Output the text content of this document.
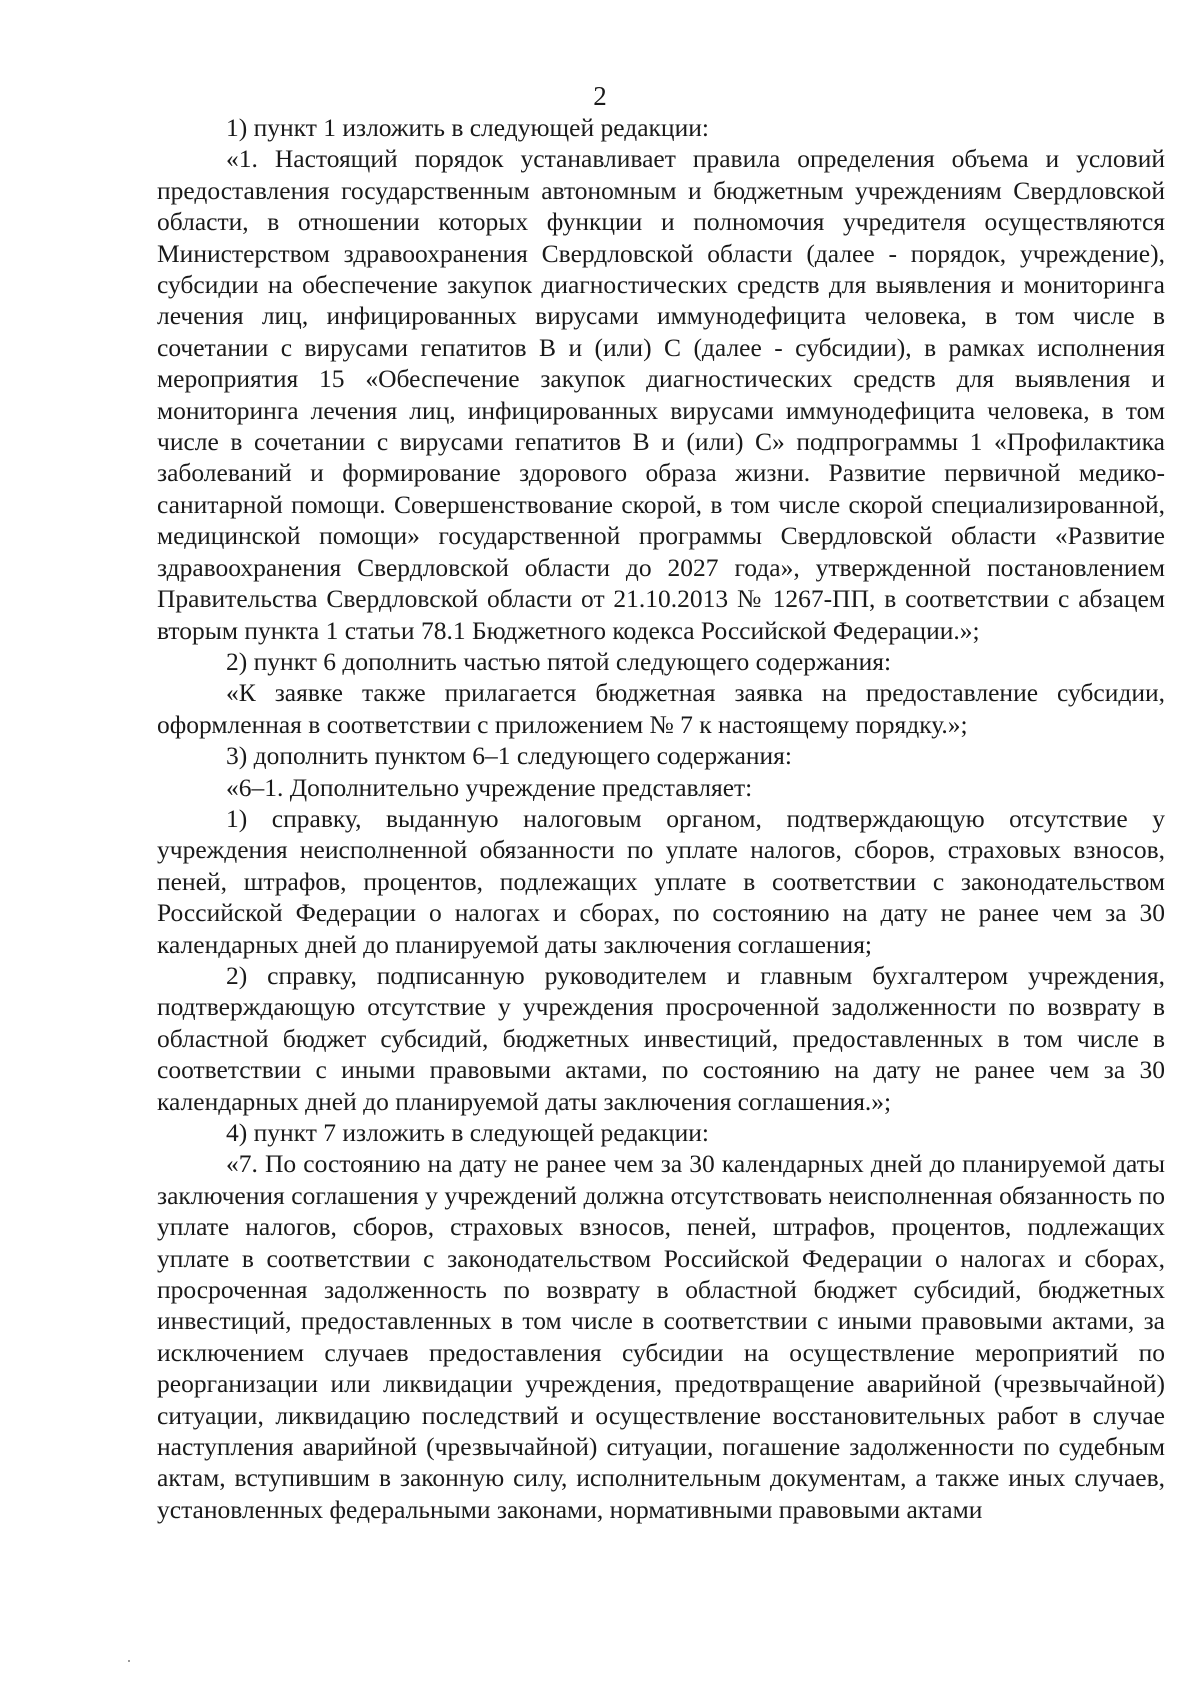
2

1) пункт 1 изложить в следующей редакции:

«1. Настоящий порядок устанавливает правила определения объема и условий предоставления государственным автономным и бюджетным учреждениям Свердловской области, в отношении которых функции и полномочия учредителя осуществляются Министерством здравоохранения Свердловской области (далее - порядок, учреждение), субсидии на обеспечение закупок диагностических средств для выявления и мониторинга лечения лиц, инфицированных вирусами иммунодефицита человека, в том числе в сочетании с вирусами гепатитов B и (или) C (далее - субсидии), в рамках исполнения мероприятия 15 «Обеспечение закупок диагностических средств для выявления и мониторинга лечения лиц, инфицированных вирусами иммунодефицита человека, в том числе в сочетании с вирусами гепатитов B и (или) C» подпрограммы 1 «Профилактика заболеваний и формирование здорового образа жизни. Развитие первичной медико-санитарной помощи. Совершенствование скорой, в том числе скорой специализированной, медицинской помощи» государственной программы Свердловской области «Развитие здравоохранения Свердловской области до 2027 года», утвержденной постановлением Правительства Свердловской области от 21.10.2013 № 1267-ПП, в соответствии с абзацем вторым пункта 1 статьи 78.1 Бюджетного кодекса Российской Федерации.»;

2) пункт 6 дополнить частью пятой следующего содержания:

«К заявке также прилагается бюджетная заявка на предоставление субсидии, оформленная в соответствии с приложением № 7 к настоящему порядку.»;

3) дополнить пунктом 6–1 следующего содержания:

«6–1. Дополнительно учреждение представляет:

1) справку, выданную налоговым органом, подтверждающую отсутствие у учреждения неисполненной обязанности по уплате налогов, сборов, страховых взносов, пеней, штрафов, процентов, подлежащих уплате в соответствии с законодательством Российской Федерации о налогах и сборах, по состоянию на дату не ранее чем за 30 календарных дней до планируемой даты заключения соглашения;

2) справку, подписанную руководителем и главным бухгалтером учреждения, подтверждающую отсутствие у учреждения просроченной задолженности по возврату в областной бюджет субсидий, бюджетных инвестиций, предоставленных в том числе в соответствии с иными правовыми актами, по состоянию на дату не ранее чем за 30 календарных дней до планируемой даты заключения соглашения.»;

4) пункт 7 изложить в следующей редакции:

«7. По состоянию на дату не ранее чем за 30 календарных дней до планируемой даты заключения соглашения у учреждений должна отсутствовать неисполненная обязанность по уплате налогов, сборов, страховых взносов, пеней, штрафов, процентов, подлежащих уплате в соответствии с законодательством Российской Федерации о налогах и сборах, просроченная задолженность по возврату в областной бюджет субсидий, бюджетных инвестиций, предоставленных в том числе в соответствии с иными правовыми актами, за исключением случаев предоставления субсидии на осуществление мероприятий по реорганизации или ликвидации учреждения, предотвращение аварийной (чрезвычайной) ситуации, ликвидацию последствий и осуществление восстановительных работ в случае наступления аварийной (чрезвычайной) ситуации, погашение задолженности по судебным актам, вступившим в законную силу, исполнительным документам, а также иных случаев, установленных федеральными законами, нормативными правовыми актами
